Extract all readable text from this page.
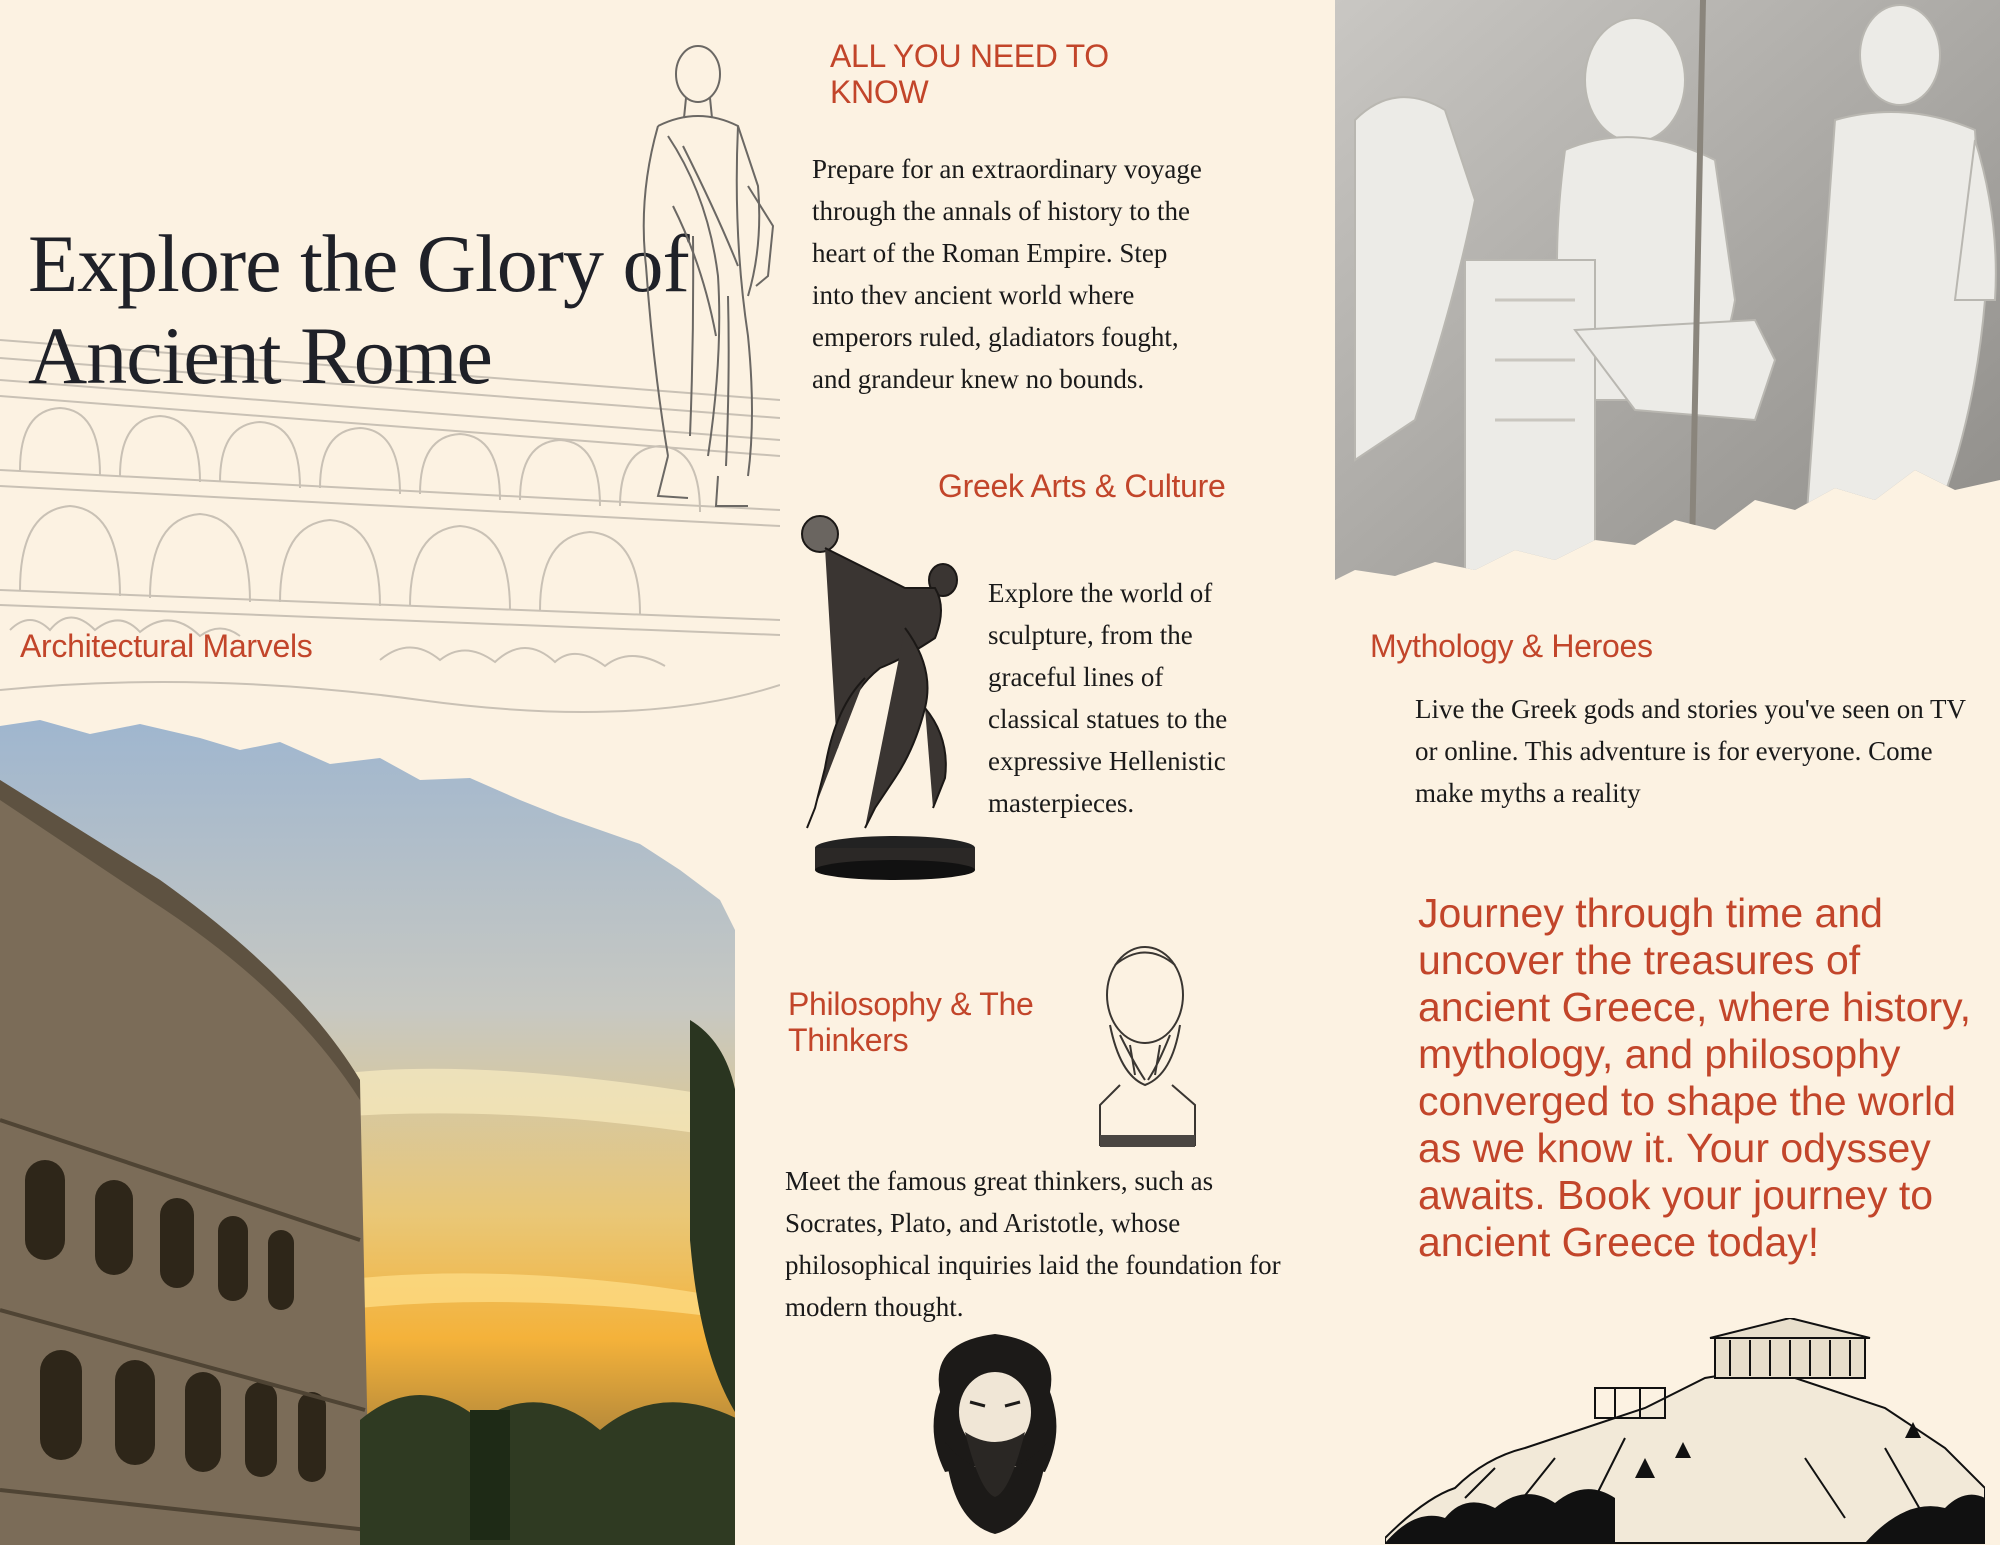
Explore the Glory of Ancient Rome
Architectural Marvels
ALL YOU NEED TO KNOW
Prepare for an extraordinary voyage through the annals of history to the heart of the Roman Empire. Step into thev ancient world where emperors ruled, gladiators fought, and grandeur knew no bounds.
Greek Arts & Culture
Explore the world of sculpture, from the graceful lines of classical statues to the expressive Hellenistic masterpieces.
Philosophy & The Thinkers
Meet the famous great thinkers, such as Socrates, Plato, and Aristotle, whose philosophical inquiries laid the foundation for modern thought.
Mythology & Heroes
Live the Greek gods and stories you've seen on TV or online. This adventure is for everyone. Come make myths a reality
Journey through time and uncover the treasures of ancient Greece, where history, mythology, and philosophy converged to shape the world as we know it. Your odyssey awaits. Book your journey to ancient Greece today!
